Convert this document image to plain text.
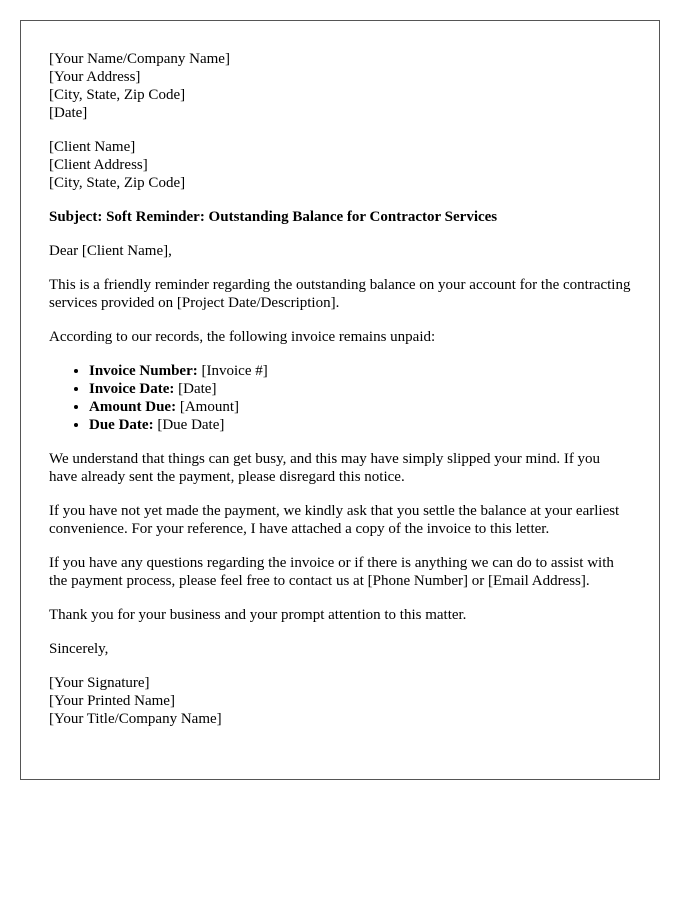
[Your Name/Company Name]
[Your Address]
[City, State, Zip Code]
[Date]
[Client Name]
[Client Address]
[City, State, Zip Code]
Subject: Soft Reminder: Outstanding Balance for Contractor Services

Dear [Client Name],

This is a friendly reminder regarding the outstanding balance on your account for the contracting services provided on [Project Date/Description].

According to our records, the following invoice remains unpaid:

• Invoice Number: [Invoice #]
• Invoice Date: [Date]
• Amount Due: [Amount]
• Due Date: [Due Date]

We understand that things can get busy, and this may have simply slipped your mind. If you have already sent the payment, please disregard this notice.

If you have not yet made the payment, we kindly ask that you settle the balance at your earliest convenience. For your reference, I have attached a copy of the invoice to this letter.

If you have any questions regarding the invoice or if there is anything we can do to assist with the payment process, please feel free to contact us at [Phone Number] or [Email Address].

Thank you for your business and your prompt attention to this matter.

Sincerely,

[Your Signature]
[Your Printed Name]
[Your Title/Company Name]
